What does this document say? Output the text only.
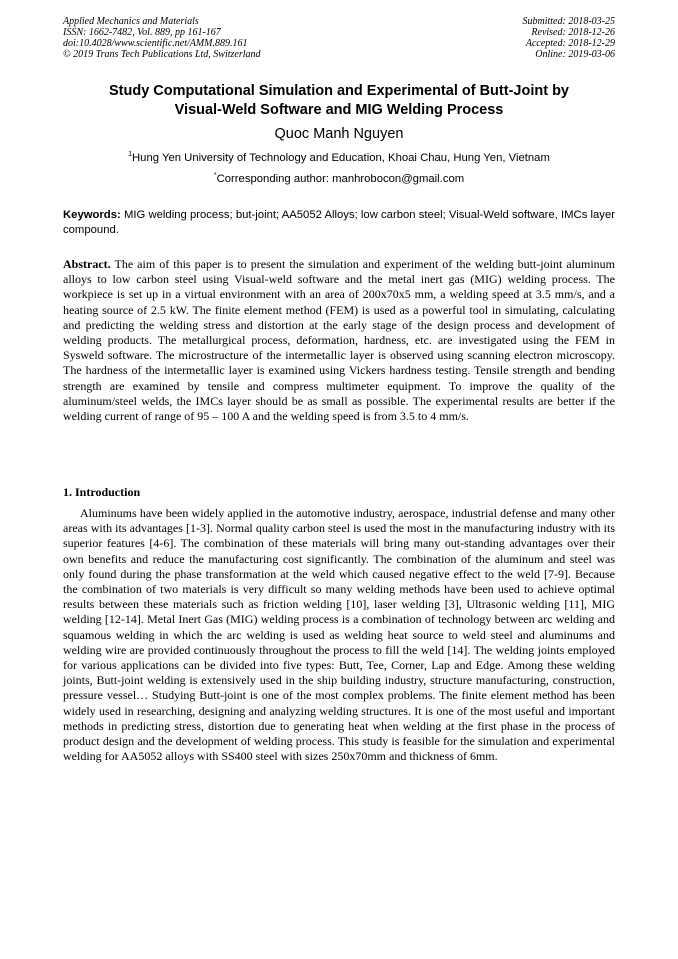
Applied Mechanics and Materials
ISSN: 1662-7482, Vol. 889, pp 161-167
doi:10.4028/www.scientific.net/AMM.889.161
© 2019 Trans Tech Publications Ltd, Switzerland
Submitted: 2018-03-25
Revised: 2018-12-26
Accepted: 2018-12-29
Online: 2019-03-06
Study Computational Simulation and Experimental of Butt-Joint by
Visual-Weld Software and MIG Welding Process
Quoc Manh Nguyen
$^1$Hung Yen University of Technology and Education, Khoai Chau, Hung Yen, Vietnam
*Corresponding author: manhrobocon@gmail.com
Keywords: MIG welding process; but-joint; AA5052 Alloys; low carbon steel; Visual-Weld software, IMCs layer compound.
Abstract. The aim of this paper is to present the simulation and experiment of the welding butt-joint aluminum alloys to low carbon steel using Visual-weld software and the metal inert gas (MIG) welding process. The workpiece is set up in a virtual environment with an area of 200x70x5 mm, a welding speed at 3.5 mm/s, and a heating source of 2.5 kW. The finite element method (FEM) is used as a powerful tool in simulating, calculating and predicting the welding stress and distortion at the early stage of the design process and development of welding products. The metallurgical process, deformation, hardness, etc. are investigated using the FEM in Sysweld software. The microstructure of the intermetallic layer is observed using scanning electron microscopy. The hardness of the intermetallic layer is examined using Vickers hardness testing. Tensile strength and bending strength are examined by tensile and compress multimeter equipment. To improve the quality of the aluminum/steel welds, the IMCs layer should be as small as possible. The experimental results are better if the welding current of range of 95 – 100 A and the welding speed is from 3.5 to 4 mm/s.
1. Introduction

Aluminums have been widely applied in the automotive industry, aerospace, industrial defense and many other areas with its advantages [1-3]. Normal quality carbon steel is used the most in the manufacturing industry with its superior features [4-6]. The combination of these materials will bring many out-standing advantages over their own benefits and reduce the manufacturing cost significantly. The combination of the aluminum and steel was only found during the phase transformation at the weld which caused negative effect to the weld [7-9]. Because the combination of two materials is very difficult so many welding methods have been used to achieve optimal results between these materials such as friction welding [10], laser welding [3], Ultrasonic welding [11], MIG welding [12-14]. Metal Inert Gas (MIG) welding process is a combination of technology between arc welding and squamous welding in which the arc welding is used as welding heat source to weld steel and aluminums and welding wire are provided continuously throughout the process to fill the weld [14]. The welding joints employed for various applications can be divided into five types: Butt, Tee, Corner, Lap and Edge. Among these welding joints, Butt-joint welding is extensively used in the ship building industry, structure manufacturing, construction, pressure vessel… Studying Butt-joint is one of the most complex problems. The finite element method has been widely used in researching, designing and analyzing welding structures. It is one of the most useful and important methods in predicting stress, distortion due to generating heat when welding at the first phase in the process of product design and the development of welding process. This study is feasible for the simulation and experimental welding for AA5052 alloys with SS400 steel with sizes 250x70mm and thickness of 6mm.
